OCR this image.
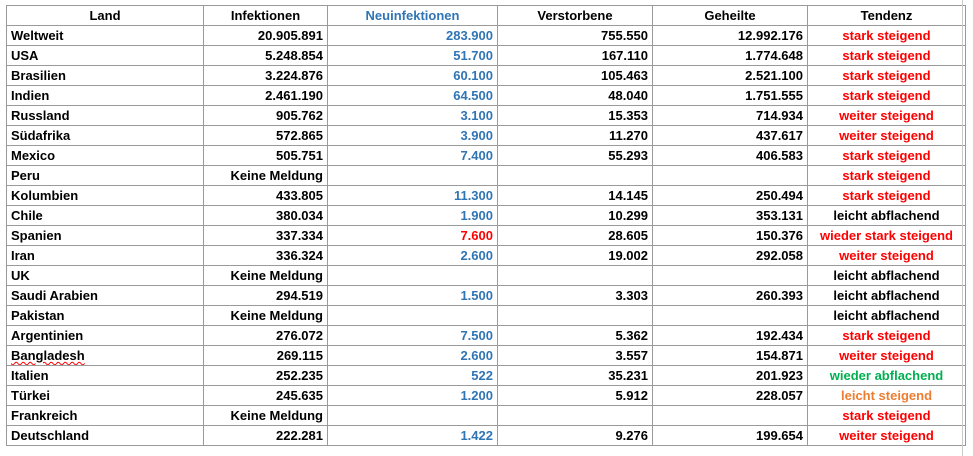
Land	Infektionen	Neuinfektionen	Verstorbene	Geheilte	Tendenz
Weltweit	20.905.891	283.900	755.550	12.992.176	stark steigend
USA	5.248.854	51.700	167.110	1.774.648	stark steigend
Brasilien	3.224.876	60.100	105.463	2.521.100	stark steigend
Indien	2.461.190	64.500	48.040	1.751.555	stark steigend
Russland	905.762	3.100	15.353	714.934	weiter steigend
Südafrika	572.865	3.900	11.270	437.617	weiter steigend
Mexico	505.751	7.400	55.293	406.583	stark steigend
Peru	Keine Meldung				stark steigend
Kolumbien	433.805	11.300	14.145	250.494	stark steigend
Chile	380.034	1.900	10.299	353.131	leicht abflachend
Spanien	337.334	7.600	28.605	150.376	wieder stark steigend
Iran	336.324	2.600	19.002	292.058	weiter steigend
UK	Keine Meldung				leicht abflachend
Saudi Arabien	294.519	1.500	3.303	260.393	leicht abflachend
Pakistan	Keine Meldung				leicht abflachend
Argentinien	276.072	7.500	5.362	192.434	stark steigend
Bangladesh	269.115	2.600	3.557	154.871	weiter steigend
Italien	252.235	522	35.231	201.923	wieder abflachend
Türkei	245.635	1.200	5.912	228.057	leicht steigend
Frankreich	Keine Meldung				stark steigend
Deutschland	222.281	1.422	9.276	199.654	weiter steigend
